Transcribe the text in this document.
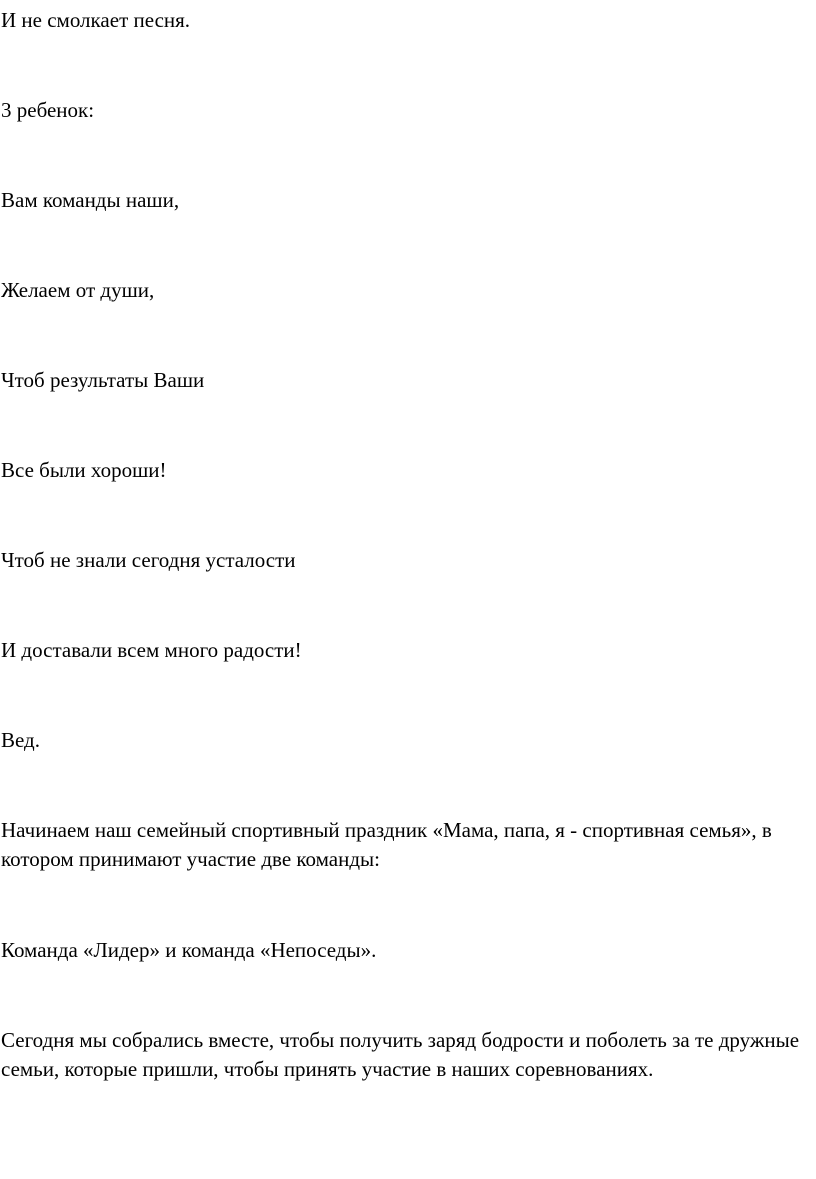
И не смолкает песня.

3 ребенок:

Вам команды наши,

Желаем от души,

Чтоб результаты Ваши

Все были хороши!

Чтоб не знали сегодня усталости

И доставали всем много радости!

Вед.

Начинаем наш семейный спортивный праздник «Мама, папа, я - спортивная семья», в котором принимают участие две команды:

Команда «Лидер» и команда «Непоседы».

Сегодня мы собрались вместе, чтобы получить заряд бодрости и поболеть за те дружные семьи, которые пришли, чтобы принять участие в наших соревнованиях.
